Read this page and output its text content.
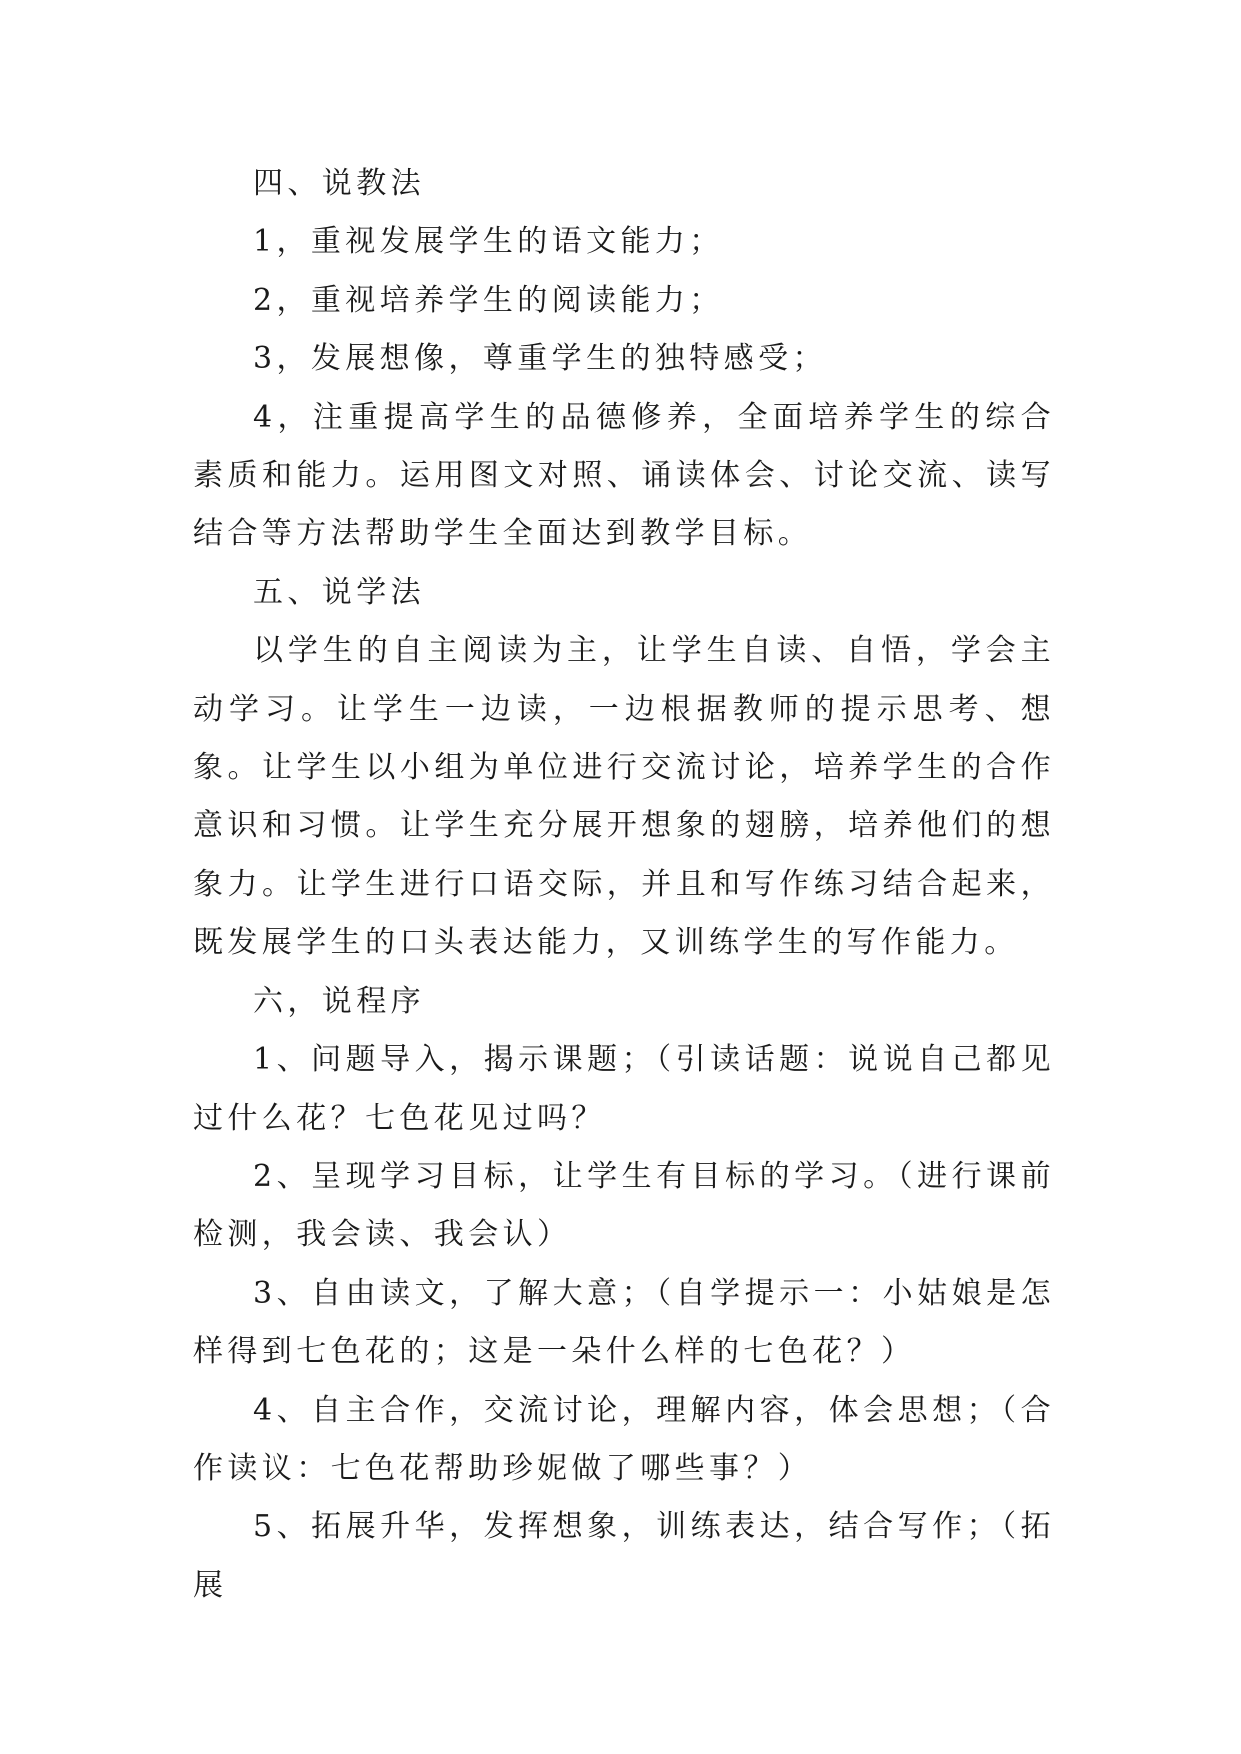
四、说教法

1，重视发展学生的语文能力；

2，重视培养学生的阅读能力；

3，发展想像，尊重学生的独特感受；

4，注重提高学生的品德修养，全面培养学生的综合素质和能力。运用图文对照、诵读体会、讨论交流、读写结合等方法帮助学生全面达到教学目标。

五、说学法

以学生的自主阅读为主，让学生自读、自悟，学会主动学习。让学生一边读，一边根据教师的提示思考、想象。让学生以小组为单位进行交流讨论，培养学生的合作意识和习惯。让学生充分展开想象的翅膀，培养他们的想象力。让学生进行口语交际，并且和写作练习结合起来，既发展学生的口头表达能力，又训练学生的写作能力。

六，说程序

1、问题导入，揭示课题；（引读话题：说说自己都见过什么花？七色花见过吗？

2、呈现学习目标，让学生有目标的学习。（进行课前检测，我会读、我会认）

3、自由读文，了解大意；（自学提示一：小姑娘是怎样得到七色花的；这是一朵什么样的七色花？）

4、自主合作，交流讨论，理解内容，体会思想；（合作读议：七色花帮助珍妮做了哪些事？）

5、拓展升华，发挥想象，训练表达，结合写作；（拓展
